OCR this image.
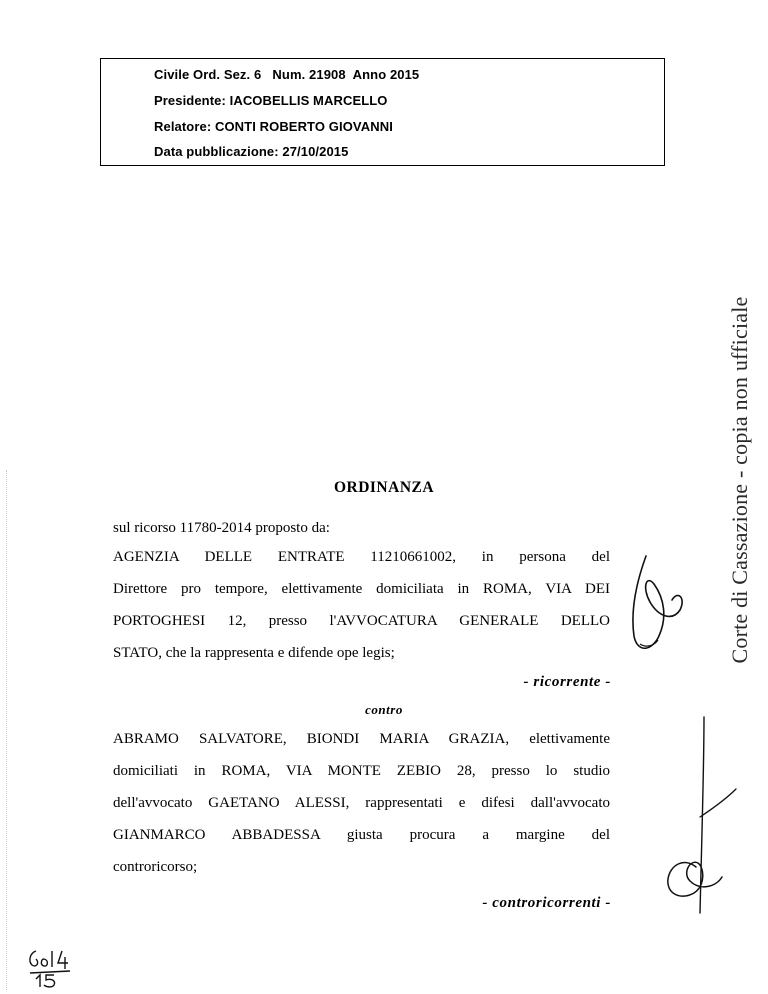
Civile Ord. Sez. 6   Num. 21908  Anno 2015
Presidente: IACOBELLIS MARCELLO
Relatore: CONTI ROBERTO GIOVANNI
Data pubblicazione: 27/10/2015
Corte di Cassazione - copia non ufficiale
ORDINANZA
sul ricorso 11780-2014 proposto da:
AGENZIA DELLE ENTRATE 11210661002, in persona del
Direttore pro tempore, elettivamente domiciliata in ROMA, VIA DEI
PORTOGHESI 12, presso l'AVVOCATURA GENERALE DELLO
STATO, che la rappresenta e difende ope legis;
- ricorrente -
contro
ABRAMO SALVATORE, BIONDI MARIA GRAZIA, elettivamente
domiciliati in ROMA, VIA MONTE ZEBIO 28, presso lo studio
dell'avvocato GAETANO ALESSI, rappresentati e difesi dall'avvocato
GIANMARCO ABBADESSA giusta procura a margine del
controricorso;
- controricorrenti -
